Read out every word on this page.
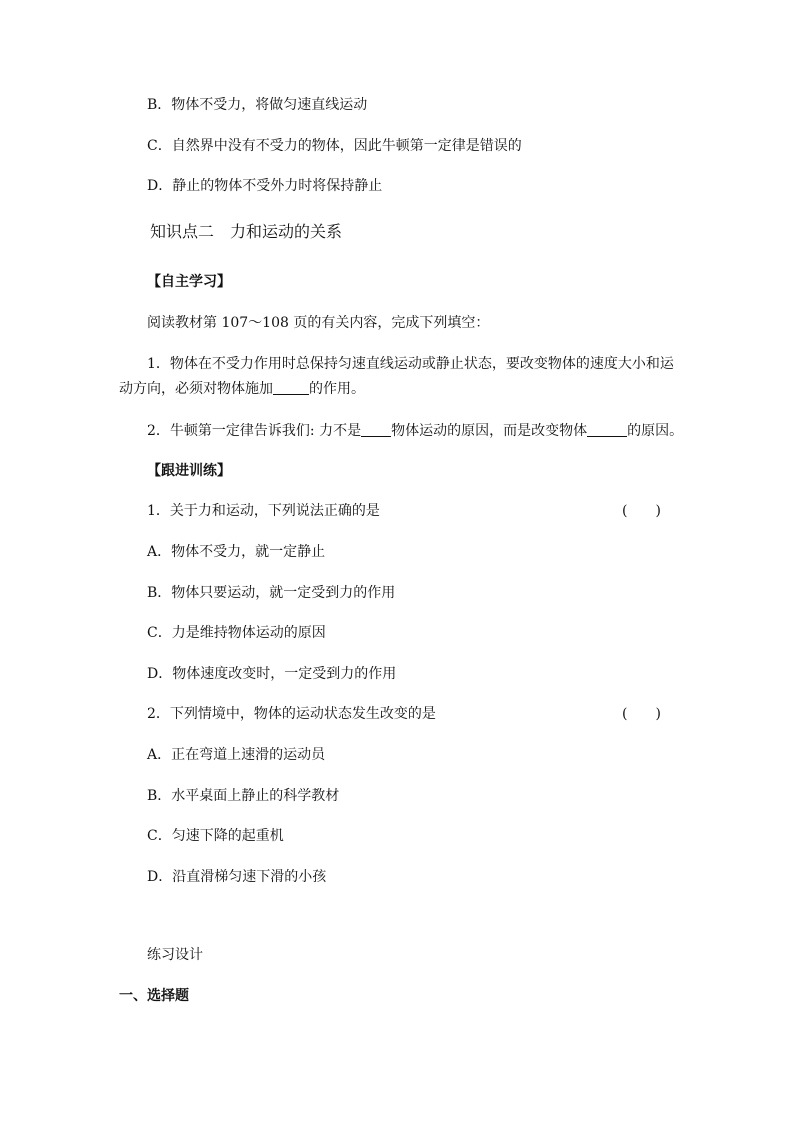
B．物体不受力，将做匀速直线运动
C．自然界中没有不受力的物体，因此牛顿第一定律是错误的
D．静止的物体不受外力时将保持静止
知识点二　力和运动的关系
【自主学习】
阅读教材第 107～108 页的有关内容，完成下列填空：
1．物体在不受力作用时总保持匀速直线运动或静止状态，要改变物体的速度大小和运
动方向，必须对物体施加	的作用。
2．牛顿第一定律告诉我们: 力不是 物体运动的原因，而是改变物体	的原因。
【跟进训练】
1．关于力和运动，下列说法正确的是	(　　)
A．物体不受力，就一定静止
B．物体只要运动，就一定受到力的作用
C．力是维持物体运动的原因
D．物体速度改变时，一定受到力的作用
2．下列情境中，物体的运动状态发生改变的是	(　　)
A．正在弯道上速滑的运动员
B．水平桌面上静止的科学教材
C．匀速下降的起重机
D．沿直滑梯匀速下滑的小孩
练习设计
一、选择题
